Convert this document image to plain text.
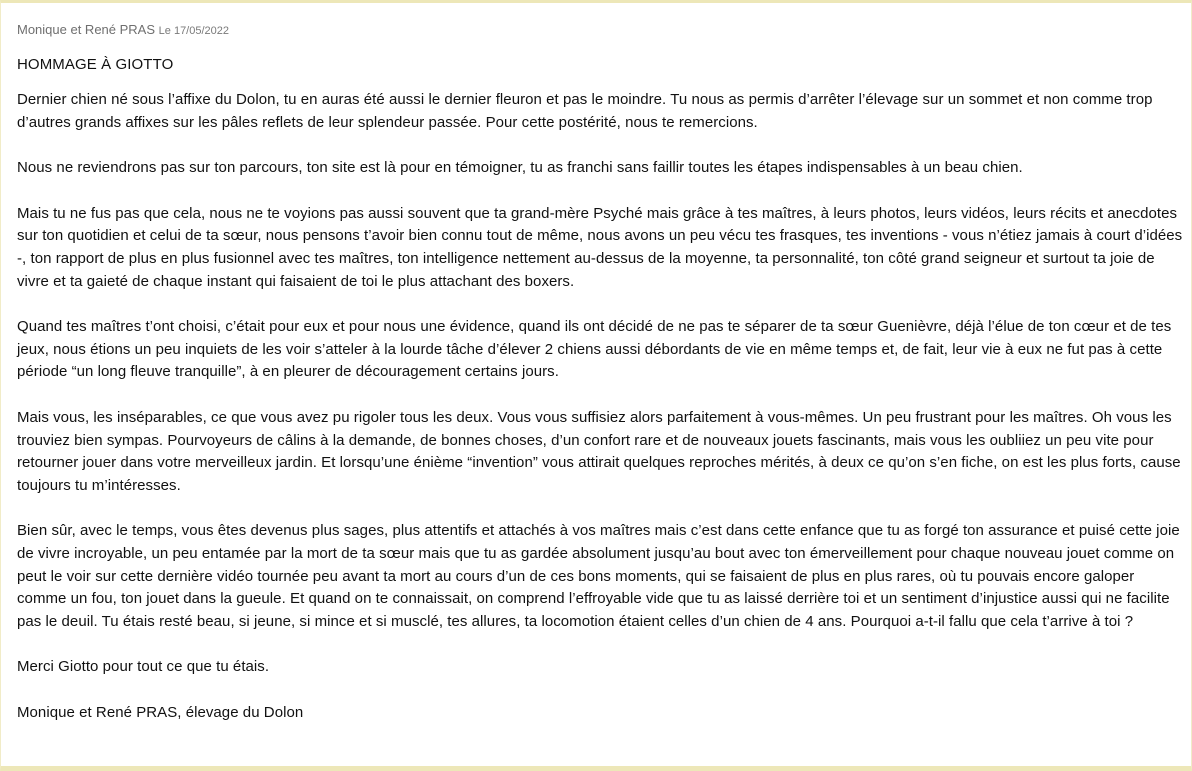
Monique et René PRAS Le 17/05/2022
HOMMAGE À GIOTTO

Dernier chien né sous l’affixe du Dolon, tu en auras été aussi le dernier fleuron et pas le moindre. Tu nous as permis d’arrêter l’élevage sur un sommet et non comme trop d’autres grands affixes sur les pâles reflets de leur splendeur passée. Pour cette postérité, nous te remercions.

Nous ne reviendrons pas sur ton parcours, ton site est là pour en témoigner, tu as franchi sans faillir toutes les étapes indispensables à un beau chien.

Mais tu ne fus pas que cela, nous ne te voyions pas aussi souvent que ta grand-mère Psyché mais grâce à tes maîtres, à leurs photos, leurs vidéos, leurs récits et anecdotes sur ton quotidien et celui de ta sœur, nous pensons t’avoir bien connu tout de même, nous avons un peu vécu tes frasques, tes inventions - vous n’étiez jamais à court d’idées -, ton rapport de plus en plus fusionnel avec tes maîtres, ton intelligence nettement au-dessus de la moyenne, ta personnalité, ton côté grand seigneur et surtout ta joie de vivre et ta gaieté de chaque instant qui faisaient de toi le plus attachant des boxers.

Quand tes maîtres t’ont choisi, c’était pour eux et pour nous une évidence, quand ils ont décidé de ne pas te séparer de ta sœur Guenièvre, déjà l’élue de ton cœur et de tes jeux, nous étions un peu inquiets de les voir s’atteler à la lourde tâche d’élever 2 chiens aussi débordants de vie en même temps et, de fait, leur vie à eux ne fut pas à cette période “un long fleuve tranquille”, à en pleurer de découragement certains jours.

Mais vous, les inséparables, ce que vous avez pu rigoler tous les deux. Vous vous suffisiez alors parfaitement à vous-mêmes. Un peu frustrant pour les maîtres. Oh vous les trouviez bien sympas. Pourvoyeurs de câlins à la demande, de bonnes choses, d’un confort rare et de nouveaux jouets fascinants, mais vous les oubliiez un peu vite pour retourner jouer dans votre merveilleux jardin. Et lorsqu’une énième “invention” vous attirait quelques reproches mérités, à deux ce qu’on s’en fiche, on est les plus forts, cause toujours tu m’intéresses.

Bien sûr, avec le temps, vous êtes devenus plus sages, plus attentifs et attachés à vos maîtres mais c’est dans cette enfance que tu as forgé ton assurance et puisé cette joie de vivre incroyable, un peu entamée par la mort de ta sœur mais que tu as gardée absolument jusqu’au bout avec ton émerveillement pour chaque nouveau jouet comme on peut le voir sur cette dernière vidéo tournée peu avant ta mort au cours d’un de ces bons moments, qui se faisaient de plus en plus rares, où tu pouvais encore galoper comme un fou, ton jouet dans la gueule. Et quand on te connaissait, on comprend l’effroyable vide que tu as laissé derrière toi et un sentiment d’injustice aussi qui ne facilite pas le deuil. Tu étais resté beau, si jeune, si mince et si musclé, tes allures, ta locomotion étaient celles d’un chien de 4 ans. Pourquoi a-t-il fallu que cela t’arrive à toi ?

Merci Giotto pour tout ce que tu étais.

Monique et René PRAS, élevage du Dolon
